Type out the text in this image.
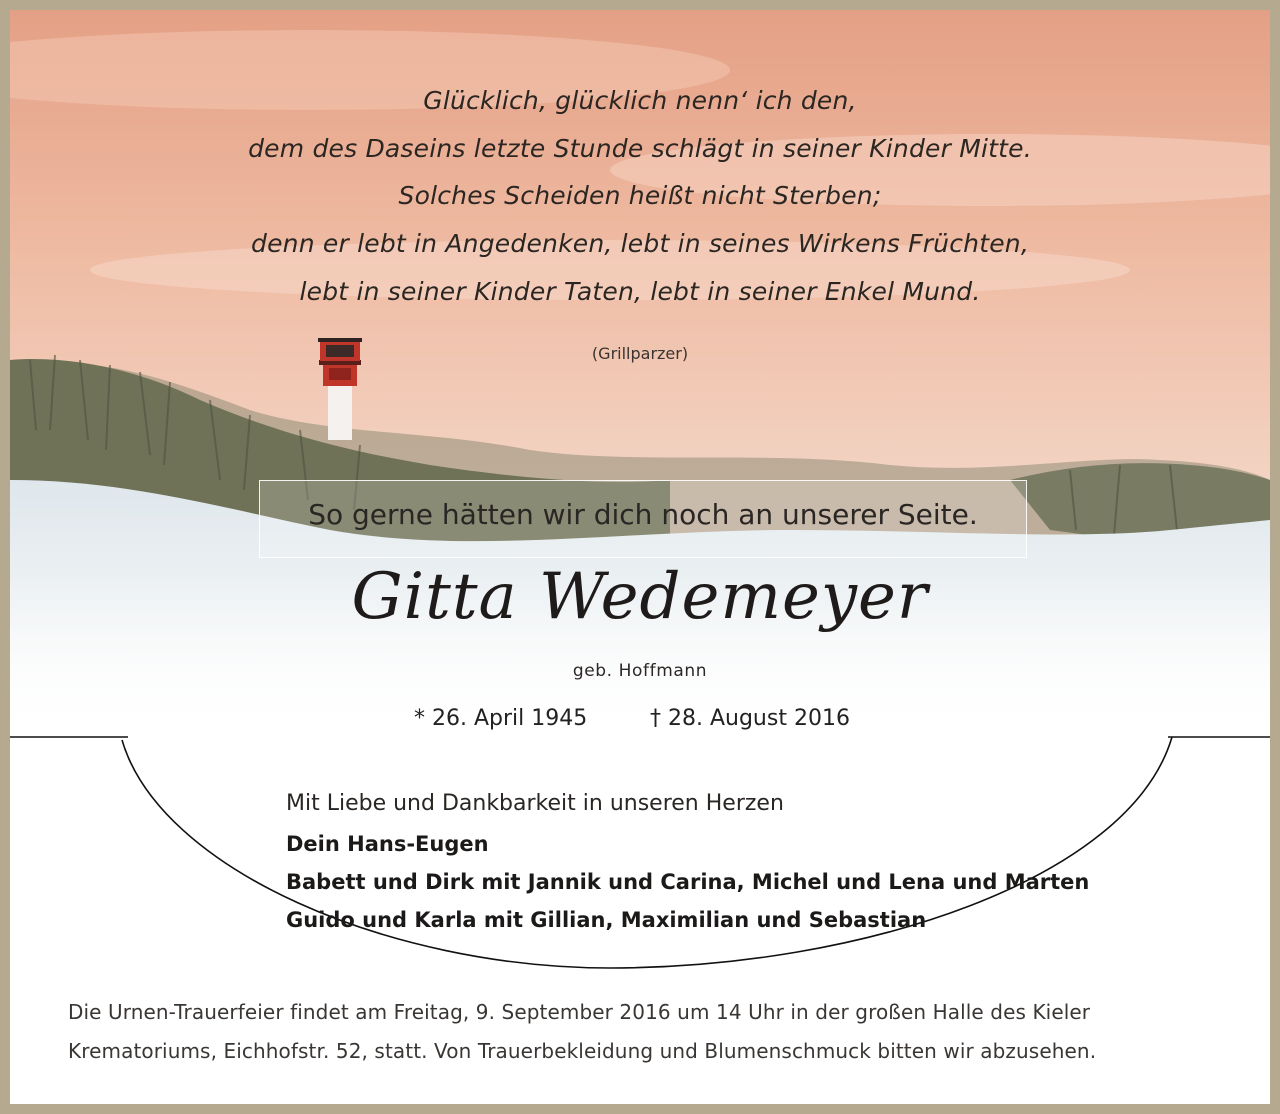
Glücklich, glücklich nenn‘ ich den,
dem des Daseins letzte Stunde schlägt in seiner Kinder Mitte.
Solches Scheiden heißt nicht Sterben;
denn er lebt in Angedenken, lebt in seines Wirkens Früchten,
lebt in seiner Kinder Taten, lebt in seiner Enkel Mund.
(Grillparzer)
So gerne hätten wir dich noch an unserer Seite.
Gitta Wedemeyer
geb. Hoffmann
* 26. April 1945	† 28. August 2016
Mit Liebe und Dankbarkeit in unseren Herzen
Dein Hans-Eugen
Babett und Dirk mit Jannik und Carina, Michel und Lena und Marten
Guido und Karla mit Gillian, Maximilian und Sebastian
Die Urnen-Trauerfeier findet am Freitag, 9. September 2016 um 14 Uhr in der großen Halle des Kieler
Krematoriums, Eichhofstr. 52, statt. Von Trauerbekleidung und Blumenschmuck bitten wir abzusehen.
